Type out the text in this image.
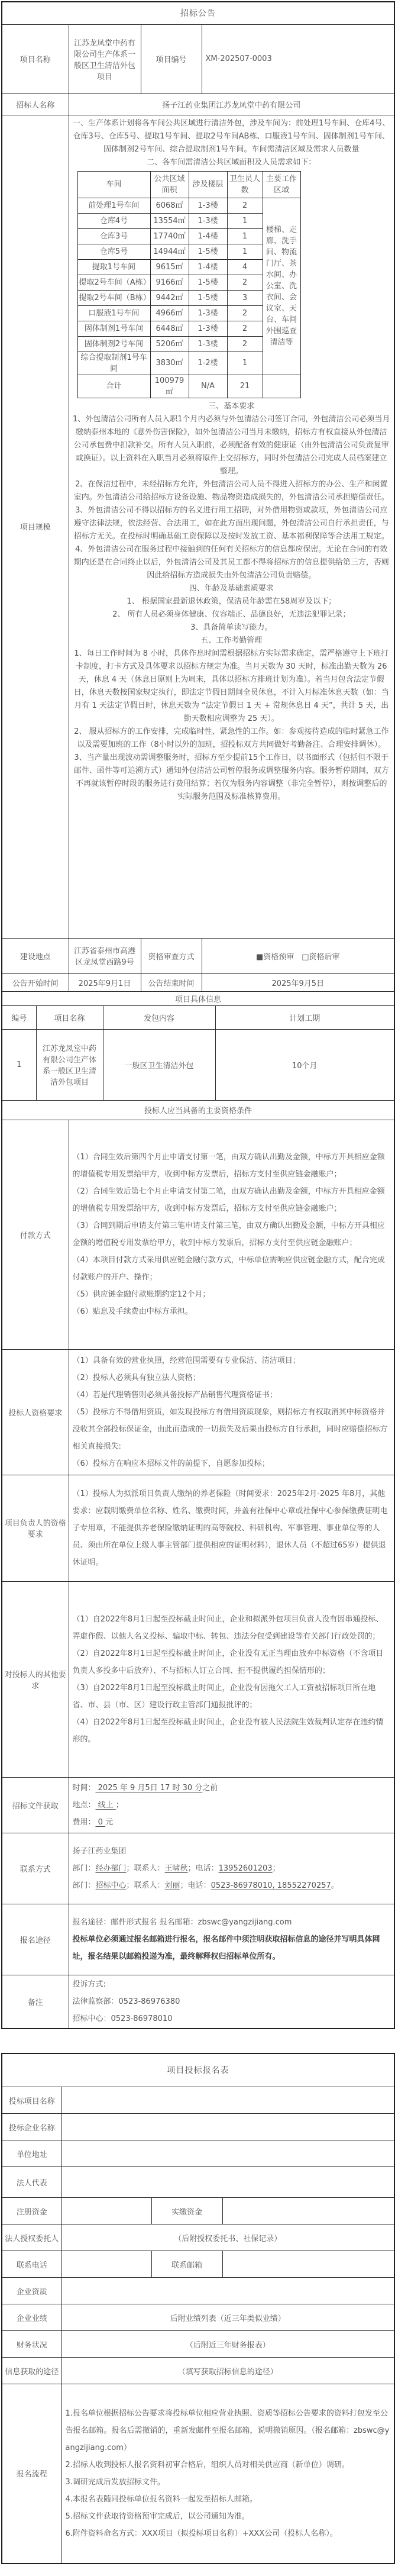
招标公告
项目名称	江苏龙凤堂中药有限公司生产体系一般区卫生清洁外包项目	项目编号	XM-202507-0003
招标人名称	扬子江药业集团江苏龙凤堂中药有限公司
项目规模	
一、生产体系计划将各车间公共区域进行清洁外包，涉及车间为：前处理1号车间、仓库4号、仓库3号、仓库5号、提取1号车间、提取2号车间AB栋、口服液1号车间、固体制剂1号车间、固体制剂2号车间、综合提取制剂1号车间。车间需清洁区域及需求人员数量
二、各车间需清洁公共区域面积及人员需求如下：
车间	公共区域面积	涉及楼层	卫生员人数	主要工作区域
前处理1号车间	6068㎡	1-3楼	2	楼梯、走廊、洗手间、物流门厅、茶水间、办公室、洗衣间、会议室、天台、车间外围巡查清洁等
仓库4号	13554㎡	1-3楼	1
仓库3号	17740㎡	1-4楼	1
仓库5号	14944㎡	1-5楼	1
提取1号车间	9615㎡	1-4楼	4
提取2号车间（A栋）	9166㎡	1-5楼	2
提取2号车间（B栋）	9442㎡	1-5楼	3
口服液1号车间	4966㎡	1-3楼	2
固体制剂1号车间	6448㎡	1-3楼	2
固体制剂2号车间	5206㎡	1-3楼	2
综合提取制剂1号车间	3830㎡	1-2楼	1
合计	100979㎡	N/A	21	
三、基本要求
1、外包清洁公司所有人员入职1个月内必须与外包清洁公司签订合同，外包清洁公司必须当月缴纳泰州本地的《意外伤害保险》，如外包清洁公司当月未缴纳，招标方有权直接从外包清洁公司承包费中扣款补交。所有人员入职前，必须配备有效的健康证（由外包清洁公司负责复审或换证）。以上资料在入职当月必须将原件上交招标方，同时外包清洁公司完成人员档案建立整理。
2、在保洁过程中，未经招标方允许，外包清洁公司人员不得进入招标方的办公、生产和闲置室内。外包清洁公司给招标方设备设施、物品物资造成损失的，外包清洁公司承担赔偿责任。
3、外包清洁公司不得以招标方的名义进行用工招聘，对外借用物资或款项，外包清洁公司应遵守法律法规，依法经营、合法用工，如在此方面出现问题，外包清洁公司自行承担责任，与招标方无关。在投标时明确基础工资保障以及按时发放工资、基本福利保障等合法用工规定。
4、外包清洁公司在服务过程中接触到的任何有关招标方的信息都应保密。无论在合同的有效期内还是在合同终止以后，外包清洁公司及其员工都不得将招标方的信息提供给第三方，否则因此给招标方造成损失由外包清洁公司负责赔偿。
四、年龄及基础素质要求
1、 根据国家最新退休政策，保洁员年龄需在58周岁及以下；
2、 所有人员必须身体健康、仪容端正、品德良好，无违法犯罪记录；
3、具备简单读写能力。
五、工作考勤管理
1、每日工作时间为 8 小时，具体作息时间需根据招标方实际需求确定，需严格遵守上下班打卡制度，打卡方式及具体要求以招标方规定为准。当月天数为 30 天时，标准出勤天数为 26 天，休息 4 天（休息日原则上为周末，具体以招标方排班计划为准）。若当月包含法定节假日，休息天数按国家规定执行，即法定节假日期间全员休息，不计入月标准休息天数（如：当月有 1 天法定节假日时，休息天数为 “法定节假日 1 天 + 常规休息日 4 天”，共计 5 天，出勤天数相应调整为 25 天）。
2、 服从招标方的工作安排，完成临时性、紧急性的工作。如：参观接待造成的临时紧急工作以及需要加班的工作（8小时以外的加班，招投标双方共同做好考勤备注、合理安排调休）。
3、当产量出现波动需调整服务时，招标方至少提前15个工作日，以书面形式（包括但不限于邮件、函件等可追溯方式）通知外包清洁公司暂停服务或调整服务内容。服务暂停期间，双方不再就该暂停时段的服务进行费用结算；若仅为服务内容调整（非完全暂停），则按调整后的实际服务范围及标准核算费用。

建设地点	江苏省泰州市高港区龙凤堂西路9号	资格审查方式	■资格预审　□资格后审
公告开始时间	2025年9月1日	公告结束时间	2025年9月5日
项目具体信息
编号	项目名称	发包内容	计划工期
1	江苏龙凤堂中药有限公司生产体系一般区卫生清洁外包项目	一般区卫生清洁外包	10个月
投标人应当具备的主要资格条件
付款方式	
（1）合同生效后第四个月止申请支付第一笔，由双方确认出勤及金额，中标方开具相应金额的增值税专用发票给甲方，收到中标方发票后，招标方支付至供应链金融账户；
（2）合同生效后第七个月止申请支付第二笔，由双方确认出勤及金额，中标方开具相应金额的增值税专用发票给甲方，收到中标方发票后，招标方支付至供应链金融账户；
（3）合同到期后申请支付第三笔申请支付第三笔，由双方确认出勤及金额，中标方开具相应金额的增值税专用发票给甲方，收到中标方发票后，招标方支付至供应链金融账户；
（4）本项目付款方式采用供应链金融付款方式，中标单位需响应供应链金融方式，配合完成付款账户的开户、操作；
（5）供应链金融付款账期约定12个月；
（6）贴息及手续费由中标方承担。

投标人资格要求	
（1）具备有效的营业执照，经营范围需要有专业保洁、清洁项目；
（2）投标人必须具有独立法人资格；
（4）若是代理销售则必须具备投标产品销售代理资格证书；
（5）投标方不得借用资质，如发现投标方有借用资质现象，则招标方有权取消其中标资格并没收其全部投标保证金，由此而造成的一切损失及后果由投标方自行承担，同时应赔偿招标方相关直接损失:
（6）投标方在响应本招标文件的前提下，自愿参加投标；

项目负责人的资格要求	
（1）投标人为拟派项目负责人缴纳的养老保险（时间要求：2025年2月-2025 年8月，其他要求：应载明缴费单位名称、姓名、缴费时间，并盖有社保中心章或社保中心参保缴费证明电子专用章，不能提供养老保险缴纳证明的高等院校、科研机构、军事管理、事业单位等的人员、须由所在单位上级人事主管部门提供相应的证明材料），退休人员（不超过65岁）提供退休证明。

对投标人的其他要求	
（1）自2022年8月1日起至投标截止时间止，企业和拟派外包项目负责人没有因串通投标、弄虚作假、以他人名义投标、骗取中标、转包、违法分包受到建设等有关部门行政处罚的；
（2）自2022年8月1日起至投标截止时间止，企业没有无正当理由放弃中标资格（不含项目负责人多投多中后放弃）、不与招标人订立合同、拒不提供履约担保情形的；
（3）自2022年8月1日起至投标截止时间止，企业没有因拖欠工人工资被招标项目所在地省、市、县（市、区）建设行政主管部门通报批评的；
（4）自2022年8月1日起至投标截止时间止，企业没有被人民法院生效裁判认定存在违约情形的。

招标文件获取	
时间： 2025 年 9 月5日 17 时 30 分之前
地点： 线上 ；
费用： 0 元

联系方式	
扬子江药业集团
部门：经办部门；联系人：王啸秋；电话：13952601203；
部门：招标中心；联系人：刘丽；电话：0523-86978010, 18552270257。

报名途径	
报名途径：邮件形式报名 报名邮箱：zbswc@yangzijiang.com
投标单位必须通过报名邮箱进行报名，报名邮件中须注明获取招标信息的途径并写明具体网址，报名结果以邮箱投递为准，最终解释权归招标单位所有。

备注	
投诉方式:
法律监察部：0523-86976380
招标中心：0523-86978010
项目投标报名表			
投标项目名称			
投标企业名称			
单位地址			
法人代表			
注册资金		实缴资金	
法人授权委托人	（后附授权委托书、社保记录）		
联系电话		联系邮箱	
企业资质			
企业业绩	后附业绩列表（近三年类似业绩）		
财务状况	（后附近三年财务报表）		
信息获取的途径	（填写获取招标信息的途径）		
报名流程	
1.报名单位根据招标公告要求将投标单位相应营业执照、资质等招标公告要求的资料打包发至公告报名邮箱。报名后需撤销的，重新发邮件至报名邮箱，说明撤销原因。（报名邮箱：zbswc@yangzijiang.com）
2.招标人收到投标人报名资料初审合格后，组织人员对相关供应商（新单位）调研。
3.调研完成后发放招标文件。
4.本报名表随同投标单位报名资料一起发至招标人邮箱。
5.招标文件获取待资格预审完成后，以公司通知为准。
6.附件资料命名方式：XXX项目（拟投标项目名称）+XXX公司（投标人名称）。
